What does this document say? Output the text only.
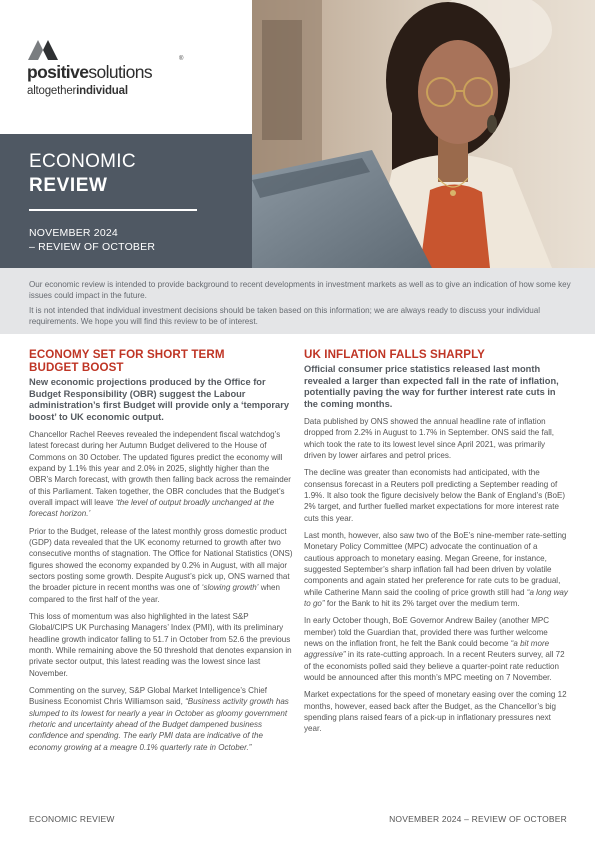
positivesolutions
®
altogetherindividual
ECONOMIC
REVIEW
NOVEMBER 2024
– REVIEW OF OCTOBER

Our economic review is intended to provide background to recent developments in investment markets as well as to give an indication of how some key issues could impact in the future.

It is not intended that individual investment decisions should be taken based on this information; we are always ready to discuss your individual requirements. We hope you will find this review to be of interest.

ECONOMY SET FOR SHORT TERM
BUDGET BOOST
New economic projections produced by the Office for Budget Responsibility (OBR) suggest the Labour administration’s first Budget will provide only a ‘temporary boost’ to UK economic output.

Chancellor Rachel Reeves revealed the independent fiscal watchdog’s latest forecast during her Autumn Budget delivered to the House of Commons on 30 October. The updated figures predict the economy will expand by 1.1% this year and 2.0% in 2025, slightly higher than the OBR’s March forecast, with growth then falling back across the remainder of this Parliament. Taken together, the OBR concludes that the Budget’s overall impact will leave ‘the level of output broadly unchanged at the forecast horizon.’

Prior to the Budget, release of the latest monthly gross domestic product (GDP) data revealed that the UK economy returned to growth after two consecutive months of stagnation. The Office for National Statistics (ONS) figures showed the economy expanded by 0.2% in August, with all major sectors posting some growth. Despite August’s pick up, ONS warned that the broader picture in recent months was one of ‘slowing growth’ when compared to the first half of the year.

This loss of momentum was also highlighted in the latest S&P Global/CIPS UK Purchasing Managers’ Index (PMI), with its preliminary headline growth indicator falling to 51.7 in October from 52.6 the previous month. While remaining above the 50 threshold that denotes expansion in private sector output, this latest reading was the lowest since last November.

Commenting on the survey, S&P Global Market Intelligence’s Chief Business Economist Chris Williamson said, “Business activity growth has slumped to its lowest for nearly a year in October as gloomy government rhetoric and uncertainty ahead of the Budget dampened business confidence and spending. The early PMI data are indicative of the economy growing at a meagre 0.1% quarterly rate in October.”

UK INFLATION FALLS SHARPLY
Official consumer price statistics released last month revealed a larger than expected fall in the rate of inflation, potentially paving the way for further interest rate cuts in the coming months.

Data published by ONS showed the annual headline rate of inflation dropped from 2.2% in August to 1.7% in September. ONS said the fall, which took the rate to its lowest level since April 2021, was primarily driven by lower airfares and petrol prices.

The decline was greater than economists had anticipated, with the consensus forecast in a Reuters poll predicting a September reading of 1.9%. It also took the figure decisively below the Bank of England’s (BoE) 2% target, and further fuelled market expectations for more interest rate cuts this year.

Last month, however, also saw two of the BoE’s nine-member rate-setting Monetary Policy Committee (MPC) advocate the continuation of a cautious approach to monetary easing. Megan Greene, for instance, suggested September’s sharp inflation fall had been driven by volatile components and again stated her preference for rate cuts to be gradual, while Catherine Mann said the cooling of price growth still had “a long way to go” for the Bank to hit its 2% target over the medium term.

In early October though, BoE Governor Andrew Bailey (another MPC member) told the Guardian that, provided there was further welcome news on the inflation front, he felt the Bank could become “a bit more aggressive” in its rate-cutting approach. In a recent Reuters survey, all 72 of the economists polled said they believe a quarter-point rate reduction would be announced after this month’s MPC meeting on 7 November.

Market expectations for the speed of monetary easing over the coming 12 months, however, eased back after the Budget, as the Chancellor’s big spending plans raised fears of a pick-up in inflationary pressures next year.

ECONOMIC REVIEW	NOVEMBER 2024 – REVIEW OF OCTOBER
